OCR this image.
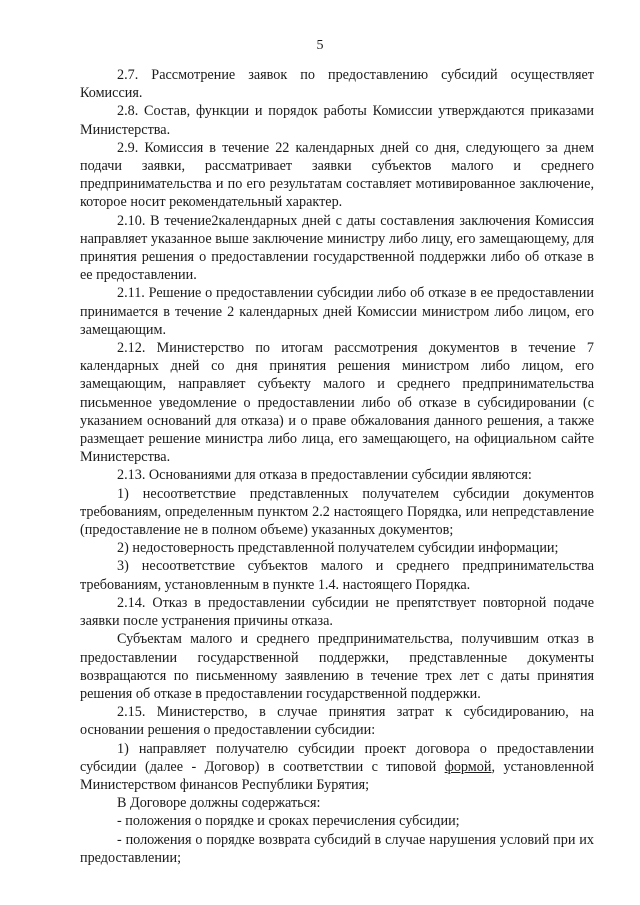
5

2.7. Рассмотрение заявок по предоставлению субсидий осуществляет Комиссия.

2.8. Состав, функции и порядок работы Комиссии утверждаются приказами Министерства.

2.9. Комиссия в течение 22 календарных дней со дня, следующего за днем подачи заявки, рассматривает заявки субъектов малого и среднего предпринимательства и по его результатам составляет мотивированное заключение, которое носит рекомендательный характер.

2.10. В течение2календарных дней с даты составления заключения Комиссия направляет указанное выше заключение министру либо лицу, его замещающему, для принятия решения о предоставлении государственной поддержки либо об отказе в ее предоставлении.

2.11. Решение о предоставлении субсидии либо об отказе в ее предоставлении принимается в течение 2 календарных дней Комиссии министром либо лицом, его замещающим.

2.12. Министерство по итогам рассмотрения документов в течение 7 календарных дней со дня принятия решения министром либо лицом, его замещающим, направляет субъекту малого и среднего предпринимательства письменное уведомление о предоставлении либо об отказе в субсидировании (с указанием оснований для отказа) и о праве обжалования данного решения, а также размещает решение министра либо лица, его замещающего, на официальном сайте Министерства.

2.13. Основаниями для отказа в предоставлении субсидии являются:

1) несоответствие представленных получателем субсидии документов требованиям, определенным пунктом 2.2 настоящего Порядка, или непредставление (предоставление не в полном объеме) указанных документов;

2) недостоверность представленной получателем субсидии информации;

3) несоответствие субъектов малого и среднего предпринимательства требованиям, установленным в пункте 1.4. настоящего Порядка.

2.14. Отказ в предоставлении субсидии не препятствует повторной подаче заявки после устранения причины отказа.

Субъектам малого и среднего предпринимательства, получившим отказ в предоставлении государственной поддержки, представленные документы возвращаются по письменному заявлению в течение трех лет с даты принятия решения об отказе в предоставлении государственной поддержки.

2.15. Министерство, в случае принятия затрат к субсидированию, на основании решения о предоставлении субсидии:

1) направляет получателю субсидии проект договора о предоставлении субсидии (далее - Договор) в соответствии с типовой формой, установленной Министерством финансов Республики Бурятия;

В Договоре должны содержаться:

- положения о порядке и сроках перечисления субсидии;

- положения о порядке возврата субсидий в случае нарушения условий при их предоставлении;
